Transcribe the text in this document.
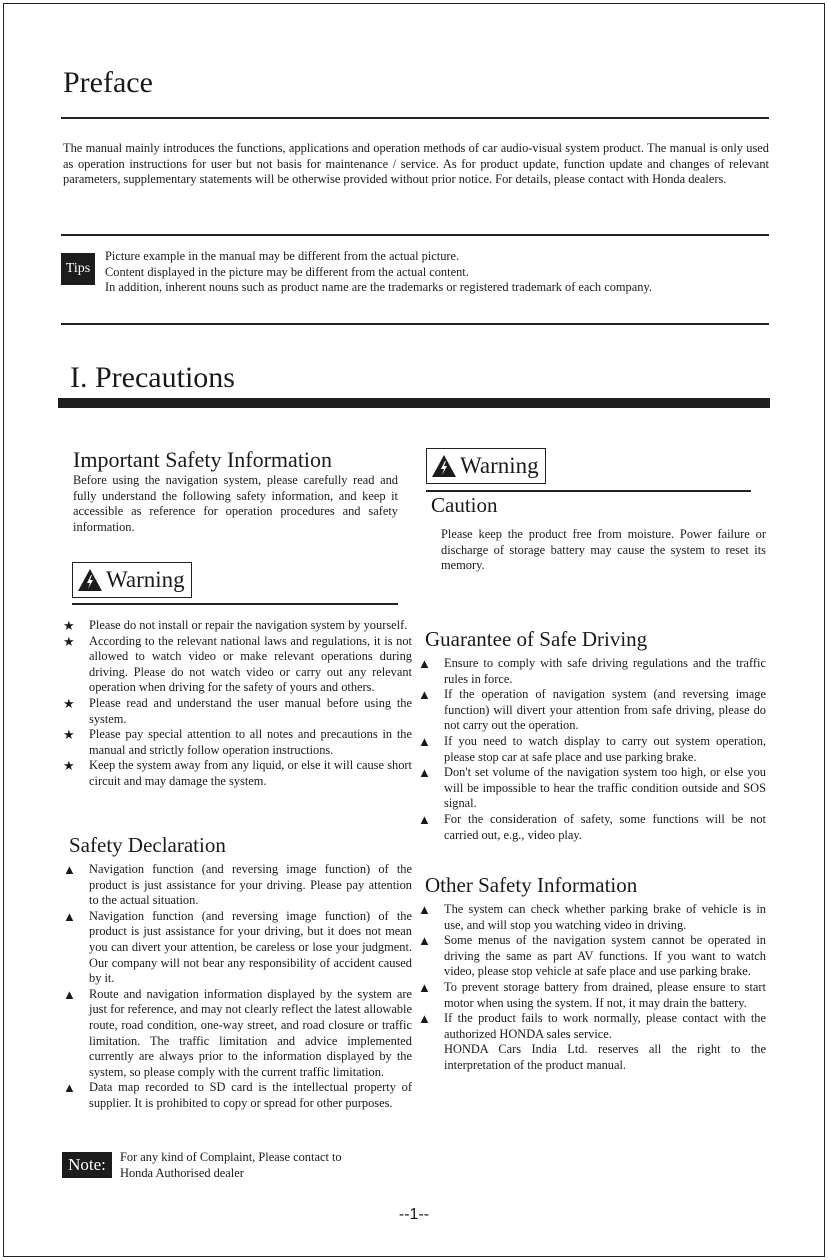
Preface
The manual mainly introduces the functions, applications and operation methods of car audio-visual system product. The manual is only used as operation instructions for user but not basis for maintenance / service. As for product update, function update and changes of relevant parameters, supplementary statements will be otherwise provided without prior notice. For details, please contact with Honda dealers.
Tips
Picture example in the manual may be different from the actual picture.
Content displayed in the picture may be different from the actual content.
In addition, inherent nouns such as product name are the trademarks or registered trademark of each company.
I. Precautions
Important Safety Information
Before using the navigation system, please carefully read and fully understand the following safety information, and keep it accessible as reference for operation procedures and safety information.
Warning
★	Please do not install or repair the navigation system by yourself.
★	According to the relevant national laws and regulations, it is not allowed to watch video or make relevant operations during driving. Please do not watch video or carry out any relevant operation when driving for the safety of yours and others.
★	Please read and understand the user manual before using the system.
★	Please pay special attention to all notes and precautions in the manual and strictly follow operation instructions.
★	Keep the system away from any liquid, or else it will cause short circuit and may damage the system.
Safety Declaration
▲	Navigation function (and reversing image function) of the product is just assistance for your driving. Please pay attention to the actual situation.
▲	Navigation function (and reversing image function) of the product is just assistance for your driving, but it does not mean you can divert your attention, be careless or lose your judgment. Our company will not bear any responsibility of accident caused by it.
▲	Route and navigation information displayed by the system are just for reference, and may not clearly reflect the latest allowable route, road condition, one-way street, and road closure or traffic limitation. The traffic limitation and advice implemented currently are always prior to the information displayed by the system, so please comply with the current traffic limitation.
▲	Data map recorded to SD card is the intellectual property of supplier. It is prohibited to copy or spread for other purposes.
Note:	For any kind of Complaint, Please contact to
Honda Authorised dealer
Warning
Caution
Please keep the product free from moisture. Power failure or discharge of storage battery may cause the system to reset its memory.
Guarantee of Safe Driving
▲	Ensure to comply with safe driving regulations and the traffic rules in force.
▲	If the operation of navigation system (and reversing image function) will divert your attention from safe driving, please do not carry out the operation.
▲	If you need to watch display to carry out system operation, please stop car at safe place and use parking brake.
▲	Don't set volume of the navigation system too high, or else you will be impossible to hear the traffic condition outside and SOS signal.
▲	For the consideration of safety, some functions will be not carried out, e.g., video play.
Other Safety Information
▲	The system can check whether parking brake of vehicle is in use, and will stop you watching video in driving.
▲	Some menus of the navigation system cannot be operated in driving the same as part AV functions. If you want to watch video, please stop vehicle at safe place and use parking brake.
▲	To prevent storage battery from drained, please ensure to start motor when using the system. If not, it may drain the battery.
▲	If the product fails to work normally, please contact with the authorized HONDA sales service.
HONDA Cars India Ltd. reserves all the right to the interpretation of the product manual.
--1--
